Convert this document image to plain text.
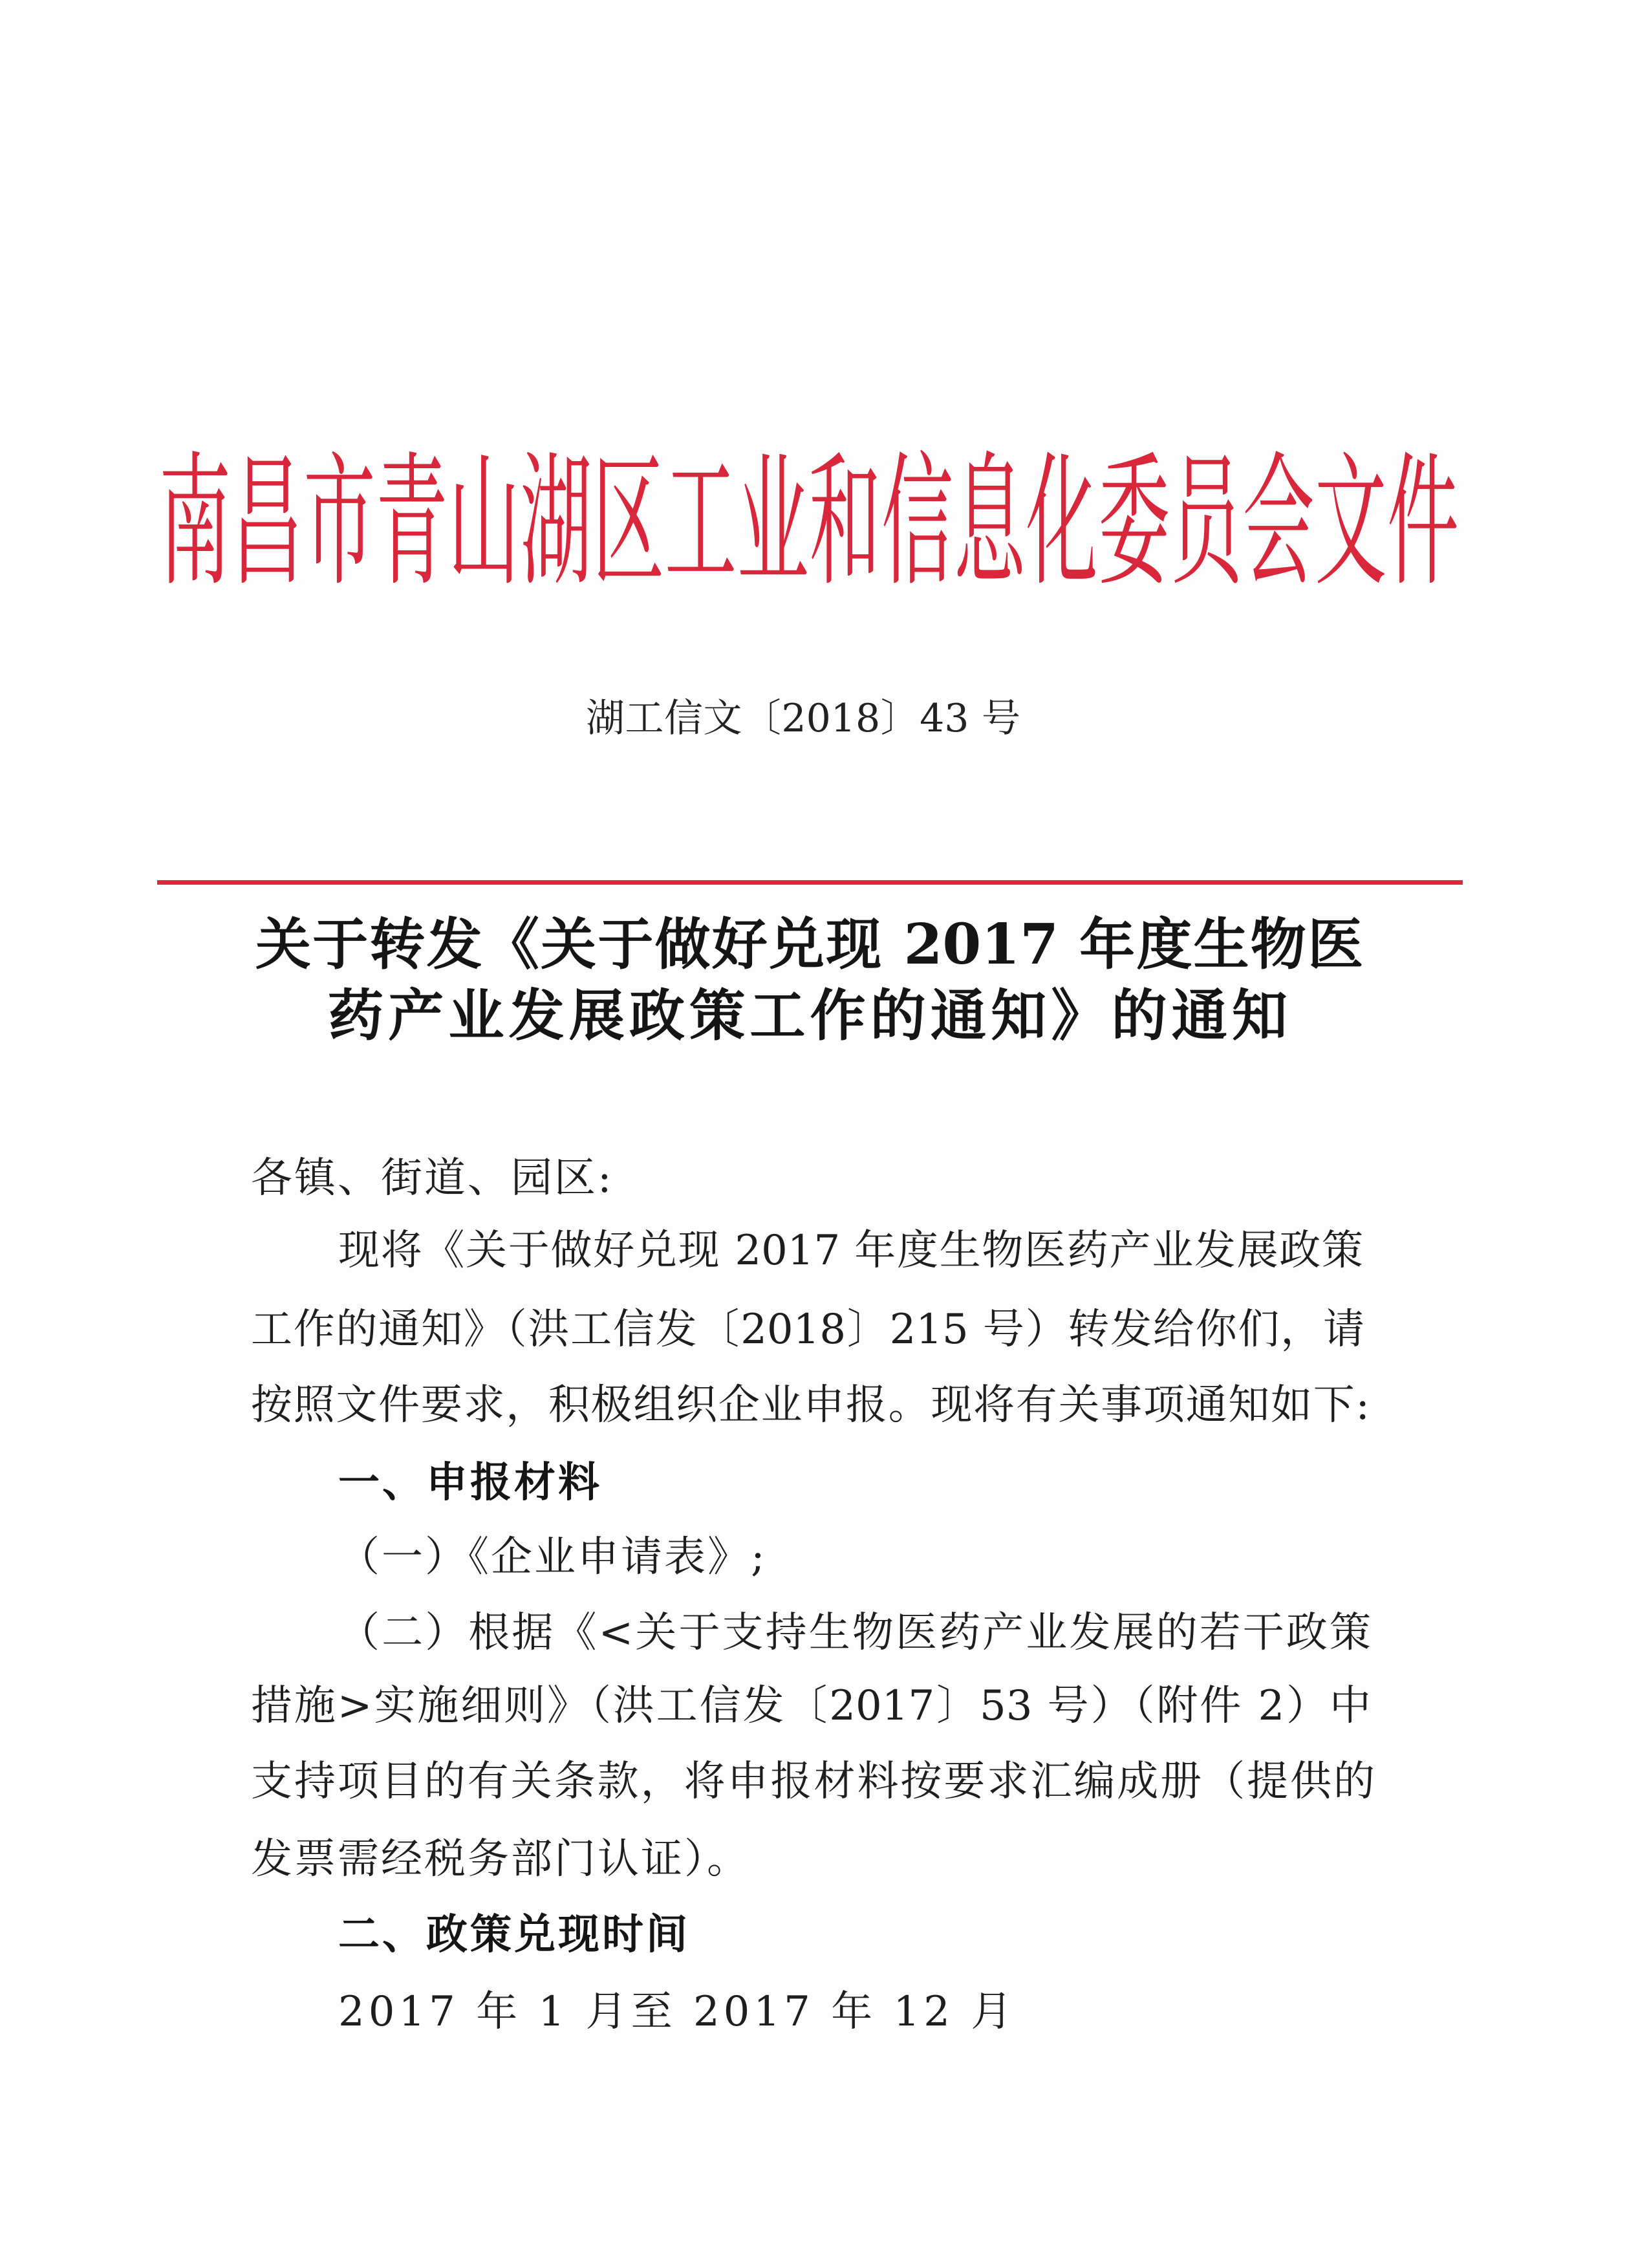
南昌市青山湖区工业和信息化委员会文件
湖工信文〔2018〕43 号
关于转发《关于做好兑现 2017 年度生物医
药产业发展政策工作的通知》的通知
各镇、街道、园区:
现将《关于做好兑现 2017 年度生物医药产业发展政策
工作的通知》（洪工信发〔2018〕215 号）转发给你们，请
按照文件要求，积极组织企业申报。现将有关事项通知如下:
一、申报材料
（一）《企业申请表》;
（二）根据《<关于支持生物医药产业发展的若干政策
措施>实施细则》（洪工信发〔2017〕53 号）（附件 2）中
支持项目的有关条款，将申报材料按要求汇编成册（提供的
发票需经税务部门认证）。
二、政策兑现时间
2017 年 1 月至 2017 年 12 月
